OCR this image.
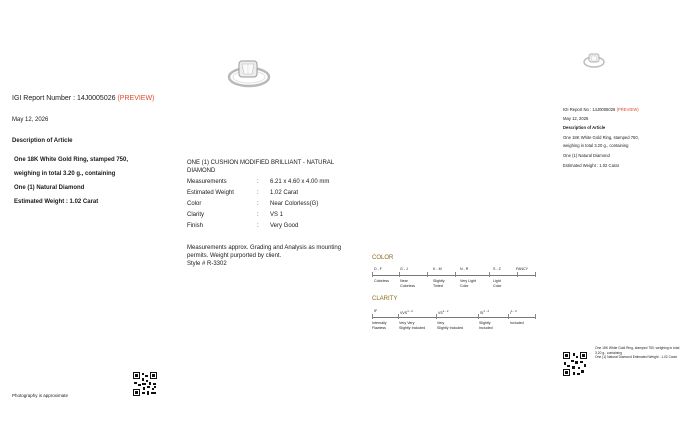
IGI Report Number : 14J0005026 (PREVIEW)
May 12, 2026
Description of Article
One 18K White Gold Ring, stamped 750,
weighing in total 3.20 g., containing
One (1) Natural Diamond
Estimated Weight : 1.02 Carat
Photography is approximate
ONE (1) CUSHION MODIFIED BRILLIANT - NATURAL
DIAMOND
Measurements	: 6.21 x 4.60 x 4.00 mm
Estimated Weight	: 1.02 Carat
Color	: Near Colorless(G)
Clarity	: VS 1
Finish	: Very Good
Measurements approx. Grading and Analysis as mounting
permits. Weight purported by client.
Style # R-3302
COLOR
D - F	G - J	K - M	N - R	S - Z	FANCY
Colorless	Near
Colorless
Slightly
Tinted
Very Light
Color
Light
Color
CLARITY
IF
VVS$^{1 - 2}$
VS$^{1 - 2}$
SI$^{1 - 2}$
$I^{1 - 3}$
Internally
Flawless
Very Very
Slightly Included
Very
Slightly Included
Slightly
Included
Included
IGI Report No : 14J0005026 (PREVIEW)
May 12, 2026
Description of Article
One 18K White Gold Ring, stamped 750,
weighing in total 3.20 g., containing
One (1) Natural Diamond
Estimated Weight : 1.02 Carat
One 18K White Gold Ring, stamped 750, weighing in total
3.20 g., containing
One (1) Natural Diamond Estimated Weight : 1.02 Carat
